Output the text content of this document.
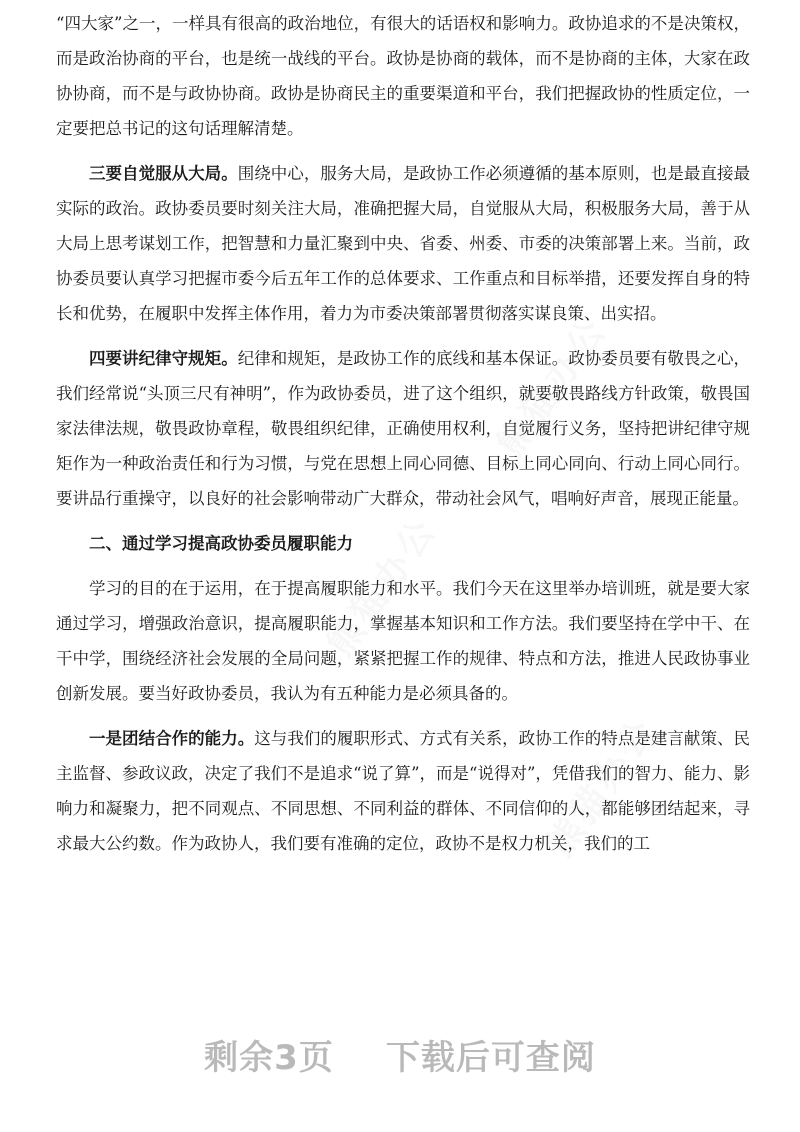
熊猫办公
熊猫办公
熊猫办公

“四大家”之一，一样具有很高的政治地位，有很大的话语权和影响力。政协追求的不是决策权，而是政治协商的平台，也是统一战线的平台。政协是协商的载体，而不是协商的主体，大家在政协协商，而不是与政协协商。政协是协商民主的重要渠道和平台，我们把握政协的性质定位，一定要把总书记的这句话理解清楚。

三要自觉服从大局。围绕中心，服务大局，是政协工作必须遵循的基本原则，也是最直接最实际的政治。政协委员要时刻关注大局，准确把握大局，自觉服从大局，积极服务大局，善于从大局上思考谋划工作，把智慧和力量汇聚到中央、省委、州委、市委的决策部署上来。当前，政协委员要认真学习把握市委今后五年工作的总体要求、工作重点和目标举措，还要发挥自身的特长和优势，在履职中发挥主体作用，着力为市委决策部署贯彻落实谋良策、出实招。

四要讲纪律守规矩。纪律和规矩，是政协工作的底线和基本保证。政协委员要有敬畏之心，我们经常说“头顶三尺有神明”，作为政协委员，进了这个组织，就要敬畏路线方针政策，敬畏国家法律法规，敬畏政协章程，敬畏组织纪律，正确使用权利，自觉履行义务，坚持把讲纪律守规矩作为一种政治责任和行为习惯，与党在思想上同心同德、目标上同心同向、行动上同心同行。要讲品行重操守，以良好的社会影响带动广大群众，带动社会风气，唱响好声音，展现正能量。

二、通过学习提高政协委员履职能力

学习的目的在于运用，在于提高履职能力和水平。我们今天在这里举办培训班，就是要大家通过学习，增强政治意识，提高履职能力，掌握基本知识和工作方法。我们要坚持在学中干、在干中学，围绕经济社会发展的全局问题，紧紧把握工作的规律、特点和方法，推进人民政协事业创新发展。要当好政协委员，我认为有五种能力是必须具备的。

一是团结合作的能力。这与我们的履职形式、方式有关系，政协工作的特点是建言献策、民主监督、参政议政，决定了我们不是追求“说了算”，而是“说得对”，凭借我们的智力、能力、影响力和凝聚力，把不同观点、不同思想、不同利益的群体、不同信仰的人，都能够团结起来，寻求最大公约数。作为政协人，我们要有准确的定位，政协不是权力机关，我们的工

剩余3页 下载后可查阅
